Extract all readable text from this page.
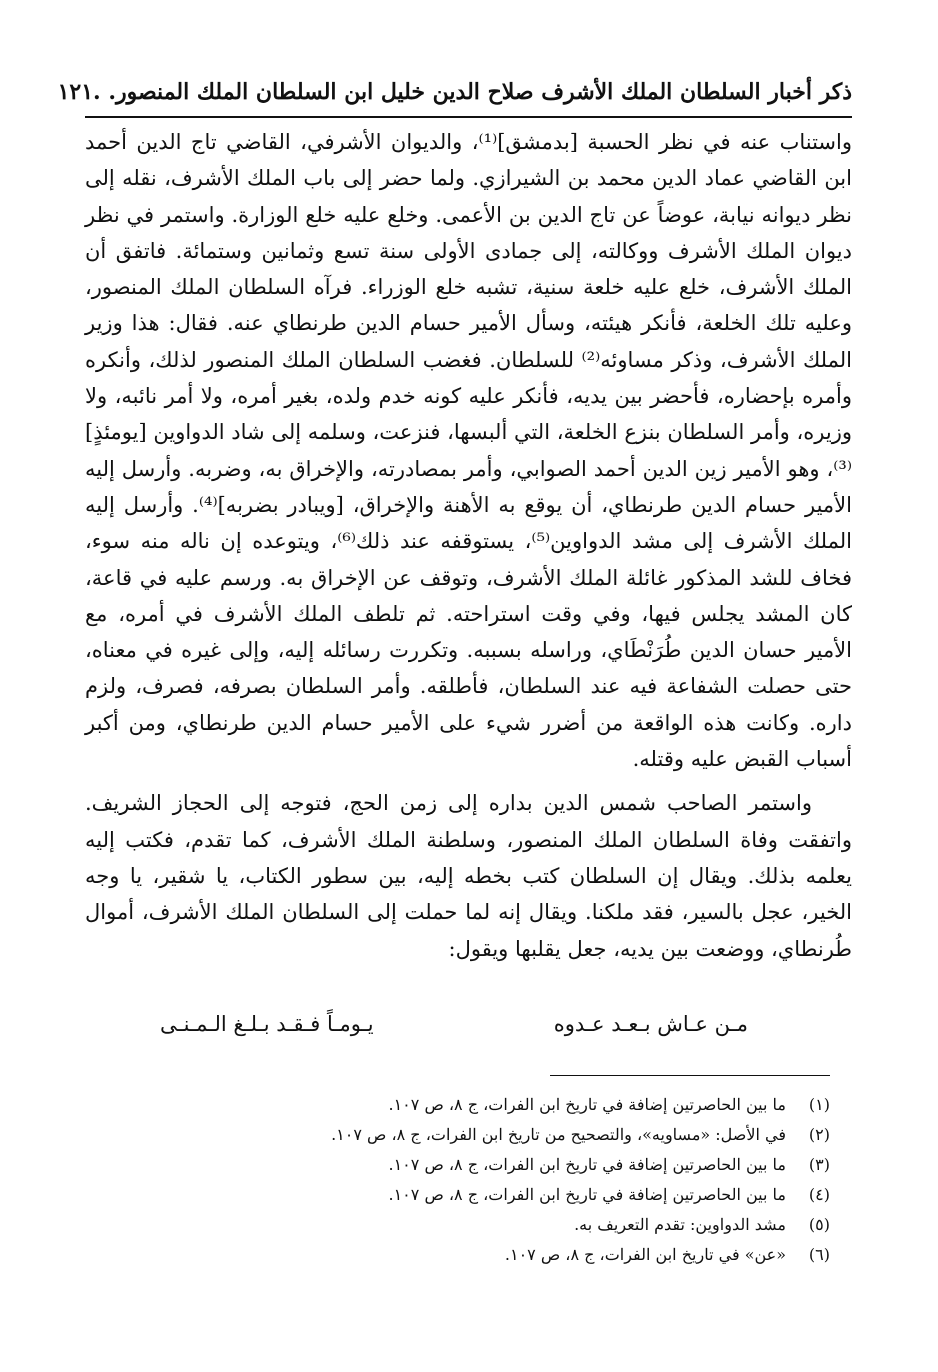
ذكر أخبار السلطان الملك الأشرف صلاح الدين خليل ابن السلطان الملك المنصور. .
١٢١

واستناب عنه في نظر الحسبة [بدمشق]⁽¹⁾، والديوان الأشرفي، القاضي تاج الدين أحمد ابن القاضي عماد الدين محمد بن الشيرازي. ولما حضر إلى باب الملك الأشرف، نقله إلى نظر ديوانه نيابة، عوضاً عن تاج الدين بن الأعمى. وخلع عليه خلع الوزارة. واستمر في نظر ديوان الملك الأشرف ووكالته، إلى جمادى الأولى سنة تسع وثمانين وستمائة. فاتفق أن الملك الأشرف، خلع عليه خلعة سنية، تشبه خلع الوزراء. فرآه السلطان الملك المنصور، وعليه تلك الخلعة، فأنكر هيئته، وسأل الأمير حسام الدين طرنطاي عنه. فقال: هذا وزير الملك الأشرف، وذكر مساوئه⁽²⁾ للسلطان. فغضب السلطان الملك المنصور لذلك، وأنكره وأمره بإحضاره، فأحضر بين يديه، فأنكر عليه كونه خدم ولده، بغير أمره، ولا أمر نائبه، ولا وزيره، وأمر السلطان بنزع الخلعة، التي ألبسها، فنزعت، وسلمه إلى شاد الدواوين [يومئذٍ]⁽³⁾، وهو الأمير زين الدين أحمد الصوابي، وأمر بمصادرته، والإخراق به، وضربه. وأرسل إليه الأمير حسام الدين طرنطاي، أن يوقع به الأهنة والإخراق، [ويبادر بضربه]⁽⁴⁾. وأرسل إليه الملك الأشرف إلى مشد الدواوين⁽⁵⁾، يستوقفه عند ذلك⁽⁶⁾، ويتوعده إن ناله منه سوء، فخاف للشد المذكور غائلة الملك الأشرف، وتوقف عن الإخراق به. ورسم عليه في قاعة، كان المشد يجلس فيها، وفي وقت استراحته. ثم تلطف الملك الأشرف في أمره، مع الأمير حسان الدين طُرَنْطَاي، وراسله بسببه. وتكررت رسائله إليه، وإلى غيره في معناه، حتى حصلت الشفاعة فيه عند السلطان، فأطلقه. وأمر السلطان بصرفه، فصرف، ولزم داره. وكانت هذه الواقعة من أضرر شيء على الأمير حسام الدين طرنطاي، ومن أكبر أسباب القبض عليه وقتله.

واستمر الصاحب شمس الدين بداره إلى زمن الحج، فتوجه إلى الحجاز الشريف. واتفقت وفاة السلطان الملك المنصور، وسلطنة الملك الأشرف، كما تقدم، فكتب إليه يعلمه بذلك. ويقال إن السلطان كتب بخطه إليه، بين سطور الكتاب، يا شقير، يا وجه الخير، عجل بالسير، فقد ملكنا. ويقال إنه لما حملت إلى السلطان الملك الأشرف، أموال طُرنطاي، ووضعت بين يديه، جعل يقلبها ويقول:

مـن عـاش بـعـد عـدوه
يـومـاً فـقـد بـلـغ الـمـنـى
(١)
ما بين الحاصرتين إضافة في تاريخ ابن الفرات، ج ٨، ص ١٠٧.
(٢)
في الأصل: «مساويه»، والتصحيح من تاريخ ابن الفرات، ج ٨، ص ١٠٧.
(٣)
ما بين الحاصرتين إضافة في تاريخ ابن الفرات، ج ٨، ص ١٠٧.
(٤)
ما بين الحاصرتين إضافة في تاريخ ابن الفرات، ج ٨، ص ١٠٧.
(٥)
مشد الدواوين: تقدم التعريف به.
(٦)
«عن» في تاريخ ابن الفرات، ج ٨، ص ١٠٧.
